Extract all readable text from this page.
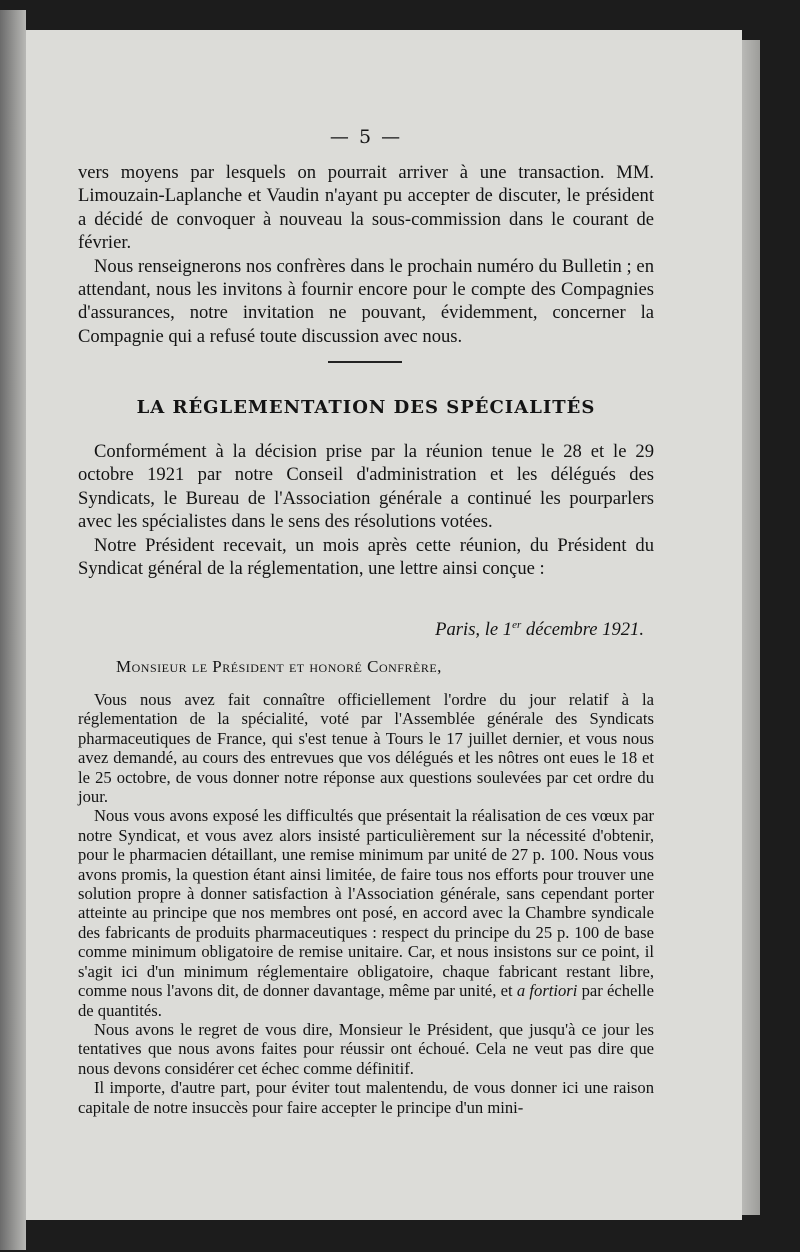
— 5 —

vers moyens par lesquels on pourrait arriver à une transaction. MM. Limouzain-Laplanche et Vaudin n'ayant pu accepter de discuter, le président a décidé de convoquer à nouveau la sous-commission dans le courant de février.

Nous renseignerons nos confrères dans le prochain numéro du Bulletin ; en attendant, nous les invitons à fournir encore pour le compte des Compagnies d'assurances, notre invitation ne pouvant, évidemment, concerner la Compagnie qui a refusé toute discussion avec nous.

LA RÉGLEMENTATION DES SPÉCIALITÉS

Conformément à la décision prise par la réunion tenue le 28 et le 29 octobre 1921 par notre Conseil d'administration et les délégués des Syndicats, le Bureau de l'Association générale a continué les pourparlers avec les spécialistes dans le sens des résolutions votées.

Notre Président recevait, un mois après cette réunion, du Président du Syndicat général de la réglementation, une lettre ainsi conçue :

Paris, le 1er décembre 1921.
Monsieur le Président et honoré Confrère,

Vous nous avez fait connaître officiellement l'ordre du jour relatif à la réglementation de la spécialité, voté par l'Assemblée générale des Syndicats pharmaceutiques de France, qui s'est tenue à Tours le 17 juillet dernier, et vous nous avez demandé, au cours des entrevues que vos délégués et les nôtres ont eues le 18 et le 25 octobre, de vous donner notre réponse aux questions soulevées par cet ordre du jour.

Nous vous avons exposé les difficultés que présentait la réalisation de ces vœux par notre Syndicat, et vous avez alors insisté particulièrement sur la nécessité d'obtenir, pour le pharmacien détaillant, une remise minimum par unité de 27 p. 100. Nous vous avons promis, la question étant ainsi limitée, de faire tous nos efforts pour trouver une solution propre à donner satisfaction à l'Association générale, sans cependant porter atteinte au principe que nos membres ont posé, en accord avec la Chambre syndicale des fabricants de produits pharmaceutiques : respect du principe du 25 p. 100 de base comme minimum obligatoire de remise unitaire. Car, et nous insistons sur ce point, il s'agit ici d'un minimum réglementaire obligatoire, chaque fabricant restant libre, comme nous l'avons dit, de donner davantage, même par unité, et a fortiori par échelle de quantités.

Nous avons le regret de vous dire, Monsieur le Président, que jusqu'à ce jour les tentatives que nous avons faites pour réussir ont échoué. Cela ne veut pas dire que nous devons considérer cet échec comme définitif.

Il importe, d'autre part, pour éviter tout malentendu, de vous donner ici une raison capitale de notre insuccès pour faire accepter le principe d'un mini-
